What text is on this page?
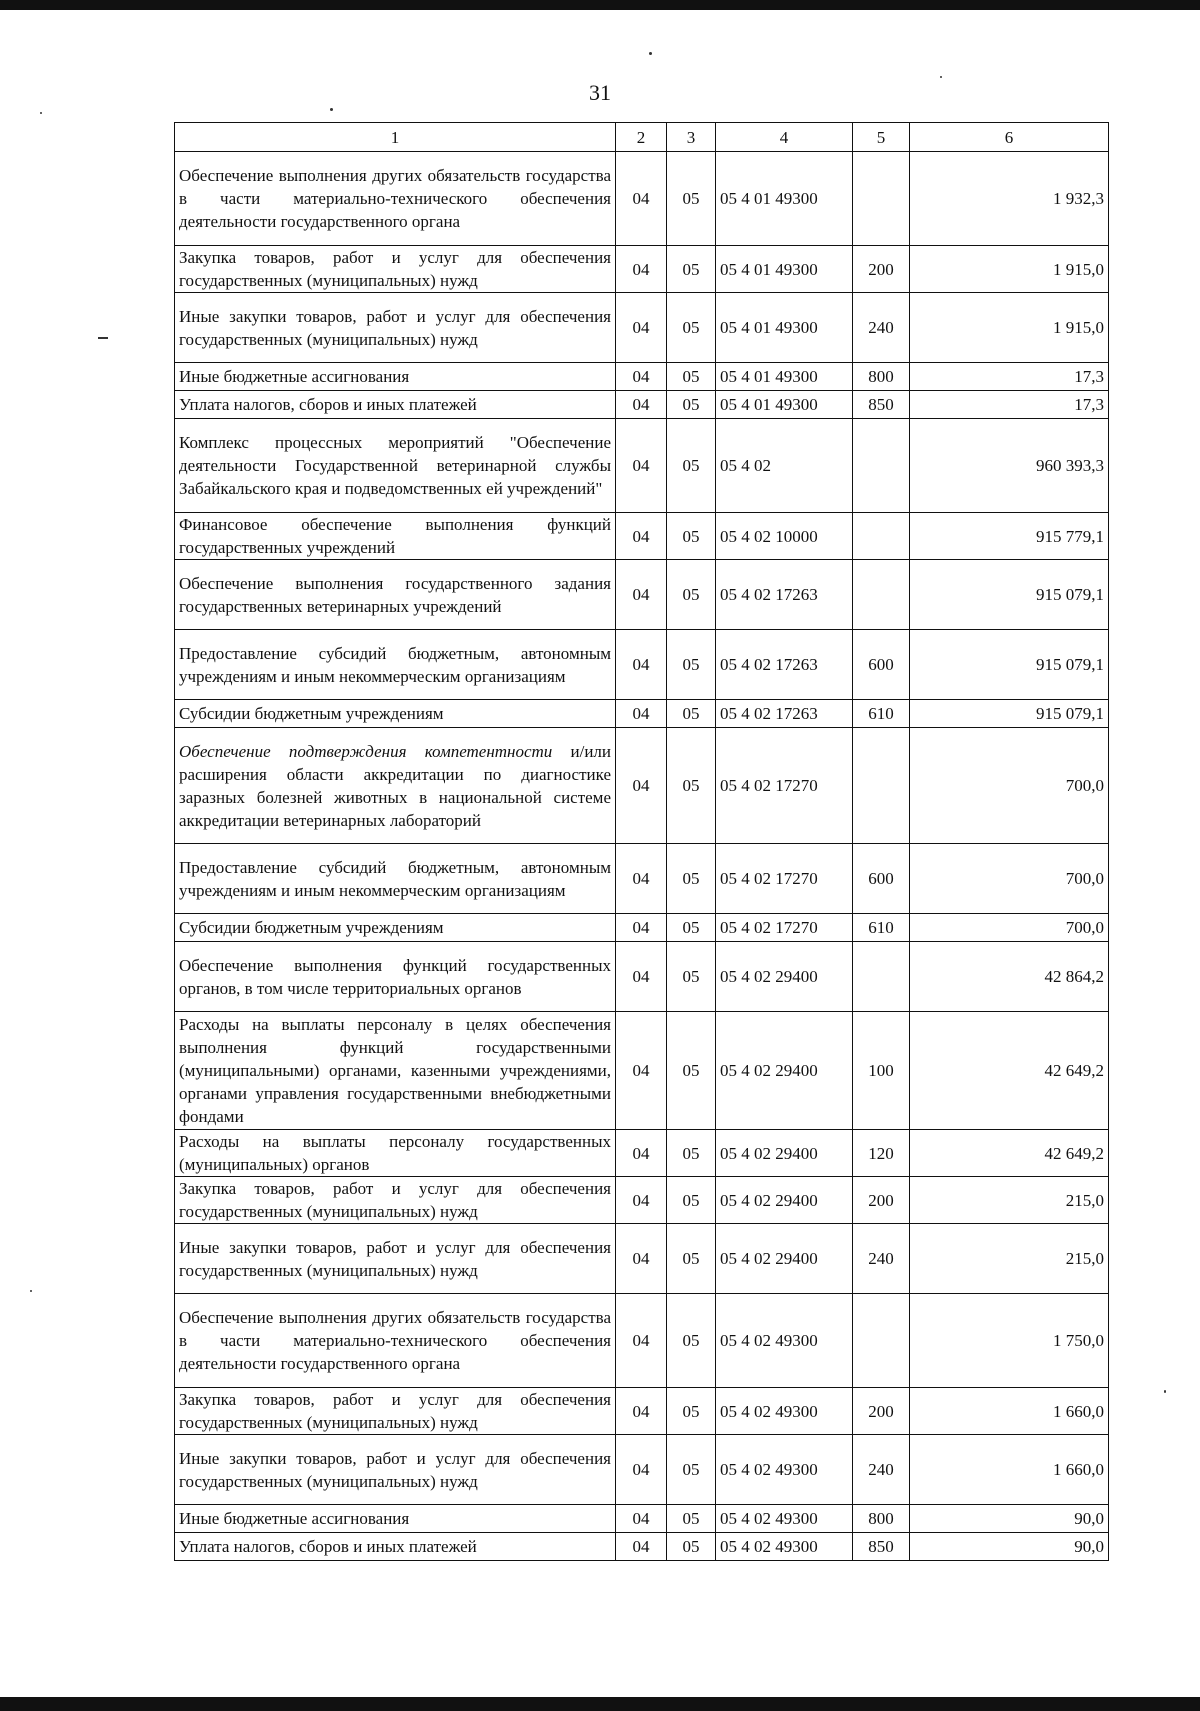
31
1	2	3	4	5	6
Обеспечение выполнения других обязательств государства в части материально-технического обеспечения деятельности государственного органа	04	05	05 4 01 49300		1 932,3
Закупка товаров, работ и услуг для обеспечения государственных (муниципальных) нужд	04	05	05 4 01 49300	200	1 915,0
Иные закупки товаров, работ и услуг для обеспечения государственных (муниципальных) нужд	04	05	05 4 01 49300	240	1 915,0
Иные бюджетные ассигнования	04	05	05 4 01 49300	800	17,3
Уплата налогов, сборов и иных платежей	04	05	05 4 01 49300	850	17,3
Комплекс процессных мероприятий "Обеспечение деятельности Государственной ветеринарной службы Забайкальского края и подведомственных ей учреждений"	04	05	05 4 02		960 393,3
Финансовое обеспечение выполнения функций государственных учреждений	04	05	05 4 02 10000		915 779,1
Обеспечение выполнения государственного задания государственных ветеринарных учреждений	04	05	05 4 02 17263		915 079,1
Предоставление субсидий бюджетным, автономным учреждениям и иным некоммерческим организациям	04	05	05 4 02 17263	600	915 079,1
Субсидии бюджетным учреждениям	04	05	05 4 02 17263	610	915 079,1
Обеспечение подтверждения компетентности и/или расширения области аккредитации по диагностике заразных болезней животных в национальной системе аккредитации ветеринарных лабораторий	04	05	05 4 02 17270		700,0
Предоставление субсидий бюджетным, автономным учреждениям и иным некоммерческим организациям	04	05	05 4 02 17270	600	700,0
Субсидии бюджетным учреждениям	04	05	05 4 02 17270	610	700,0
Обеспечение выполнения функций государственных органов, в том числе территориальных органов	04	05	05 4 02 29400		42 864,2
Расходы на выплаты персоналу в целях обеспечения выполнения функций государственными (муниципальными) органами, казенными учреждениями, органами управления государственными внебюджетными фондами	04	05	05 4 02 29400	100	42 649,2
Расходы на выплаты персоналу государственных (муниципальных) органов	04	05	05 4 02 29400	120	42 649,2
Закупка товаров, работ и услуг для обеспечения государственных (муниципальных) нужд	04	05	05 4 02 29400	200	215,0
Иные закупки товаров, работ и услуг для обеспечения государственных (муниципальных) нужд	04	05	05 4 02 29400	240	215,0
Обеспечение выполнения других обязательств государства в части материально-технического обеспечения деятельности государственного органа	04	05	05 4 02 49300		1 750,0
Закупка товаров, работ и услуг для обеспечения государственных (муниципальных) нужд	04	05	05 4 02 49300	200	1 660,0
Иные закупки товаров, работ и услуг для обеспечения государственных (муниципальных) нужд	04	05	05 4 02 49300	240	1 660,0
Иные бюджетные ассигнования	04	05	05 4 02 49300	800	90,0
Уплата налогов, сборов и иных платежей	04	05	05 4 02 49300	850	90,0
